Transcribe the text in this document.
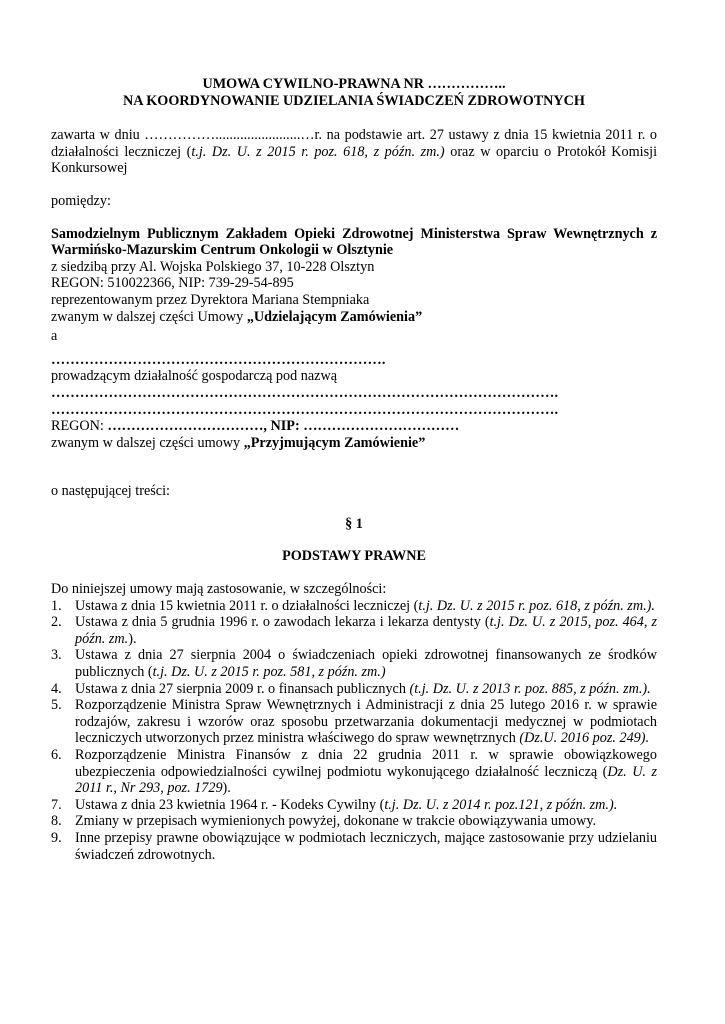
UMOWA CYWILNO-PRAWNA NR ……………..

NA KOORDYNOWANIE UDZIELANIA ŚWIADCZEŃ ZDROWOTNYCH

zawarta w dniu ……………........................…r. na podstawie art. 27 ustawy z dnia 15 kwietnia 2011 r. o działalności leczniczej (t.j. Dz. U. z 2015 r. poz. 618, z późn. zm.) oraz w oparciu o Protokół Komisji Konkursowej

pomiędzy:

Samodzielnym Publicznym Zakładem Opieki Zdrowotnej Ministerstwa Spraw Wewnętrznych z Warmińsko-Mazurskim Centrum Onkologii w Olsztynie

z siedzibą przy Al. Wojska Polskiego 37, 10-228 Olsztyn

REGON: 510022366, NIP: 739-29-54-895

reprezentowanym przez Dyrektora Mariana Stempniaka

zwanym w dalszej części Umowy „Udzielającym Zamówienia”

a

…………………………………………………………….

prowadzącym działalność gospodarczą pod nazwą

…………………………………………………………………………………………….

…………………………………………………………………………………………….

REGON: ……………………………, NIP: ……………………………

zwanym w dalszej części umowy „Przyjmującym Zamówienie”

o następującej treści:

§ 1

PODSTAWY PRAWNE

Do niniejszej umowy mają zastosowanie, w szczególności:

1. Ustawa z dnia 15 kwietnia 2011 r. o działalności leczniczej (t.j. Dz. U. z 2015 r. poz. 618, z późn. zm.).
2. Ustawa z dnia 5 grudnia 1996 r. o zawodach lekarza i lekarza dentysty (t.j. Dz. U. z 2015, poz. 464, z późn. zm.).
3. Ustawa z dnia 27 sierpnia 2004 o świadczeniach opieki zdrowotnej finansowanych ze środków publicznych (t.j. Dz. U. z 2015 r. poz. 581, z późn. zm.)
4. Ustawa z dnia 27 sierpnia 2009 r. o finansach publicznych (t.j. Dz. U. z 2013 r. poz. 885, z późn. zm.).
5. Rozporządzenie Ministra Spraw Wewnętrznych i Administracji z dnia 25 lutego 2016 r. w sprawie rodzajów, zakresu i wzorów oraz sposobu przetwarzania dokumentacji medycznej w podmiotach leczniczych utworzonych przez ministra właściwego do spraw wewnętrznych (Dz.U. 2016 poz. 249).
6. Rozporządzenie Ministra Finansów z dnia 22 grudnia 2011 r. w sprawie obowiązkowego ubezpieczenia odpowiedzialności cywilnej podmiotu wykonującego działalność leczniczą (Dz. U. z 2011 r., Nr 293, poz. 1729).
7. Ustawa z dnia 23 kwietnia 1964 r. - Kodeks Cywilny (t.j. Dz. U. z 2014 r. poz.121, z późn. zm.).
8. Zmiany w przepisach wymienionych powyżej, dokonane w trakcie obowiązywania umowy.
9. Inne przepisy prawne obowiązujące w podmiotach leczniczych, mające zastosowanie przy udzielaniu świadczeń zdrowotnych.
